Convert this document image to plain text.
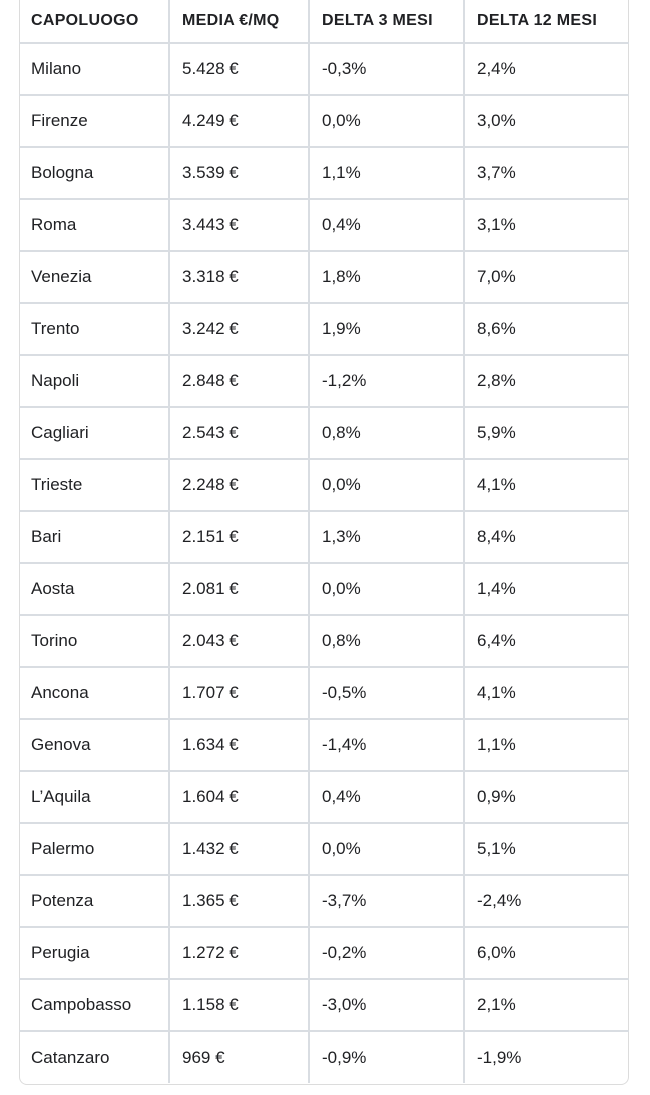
CAPOLUOGO	MEDIA €/MQ	DELTA 3 MESI	DELTA 12 MESI
Milano	5.428 €	-0,3%	2,4%
Firenze	4.249 €	0,0%	3,0%
Bologna	3.539 €	1,1%	3,7%
Roma	3.443 €	0,4%	3,1%
Venezia	3.318 €	1,8%	7,0%
Trento	3.242 €	1,9%	8,6%
Napoli	2.848 €	-1,2%	2,8%
Cagliari	2.543 €	0,8%	5,9%
Trieste	2.248 €	0,0%	4,1%
Bari	2.151 €	1,3%	8,4%
Aosta	2.081 €	0,0%	1,4%
Torino	2.043 €	0,8%	6,4%
Ancona	1.707 €	-0,5%	4,1%
Genova	1.634 €	-1,4%	1,1%
L’Aquila	1.604 €	0,4%	0,9%
Palermo	1.432 €	0,0%	5,1%
Potenza	1.365 €	-3,7%	-2,4%
Perugia	1.272 €	-0,2%	6,0%
Campobasso	1.158 €	-3,0%	2,1%
Catanzaro	969 €	-0,9%	-1,9%
